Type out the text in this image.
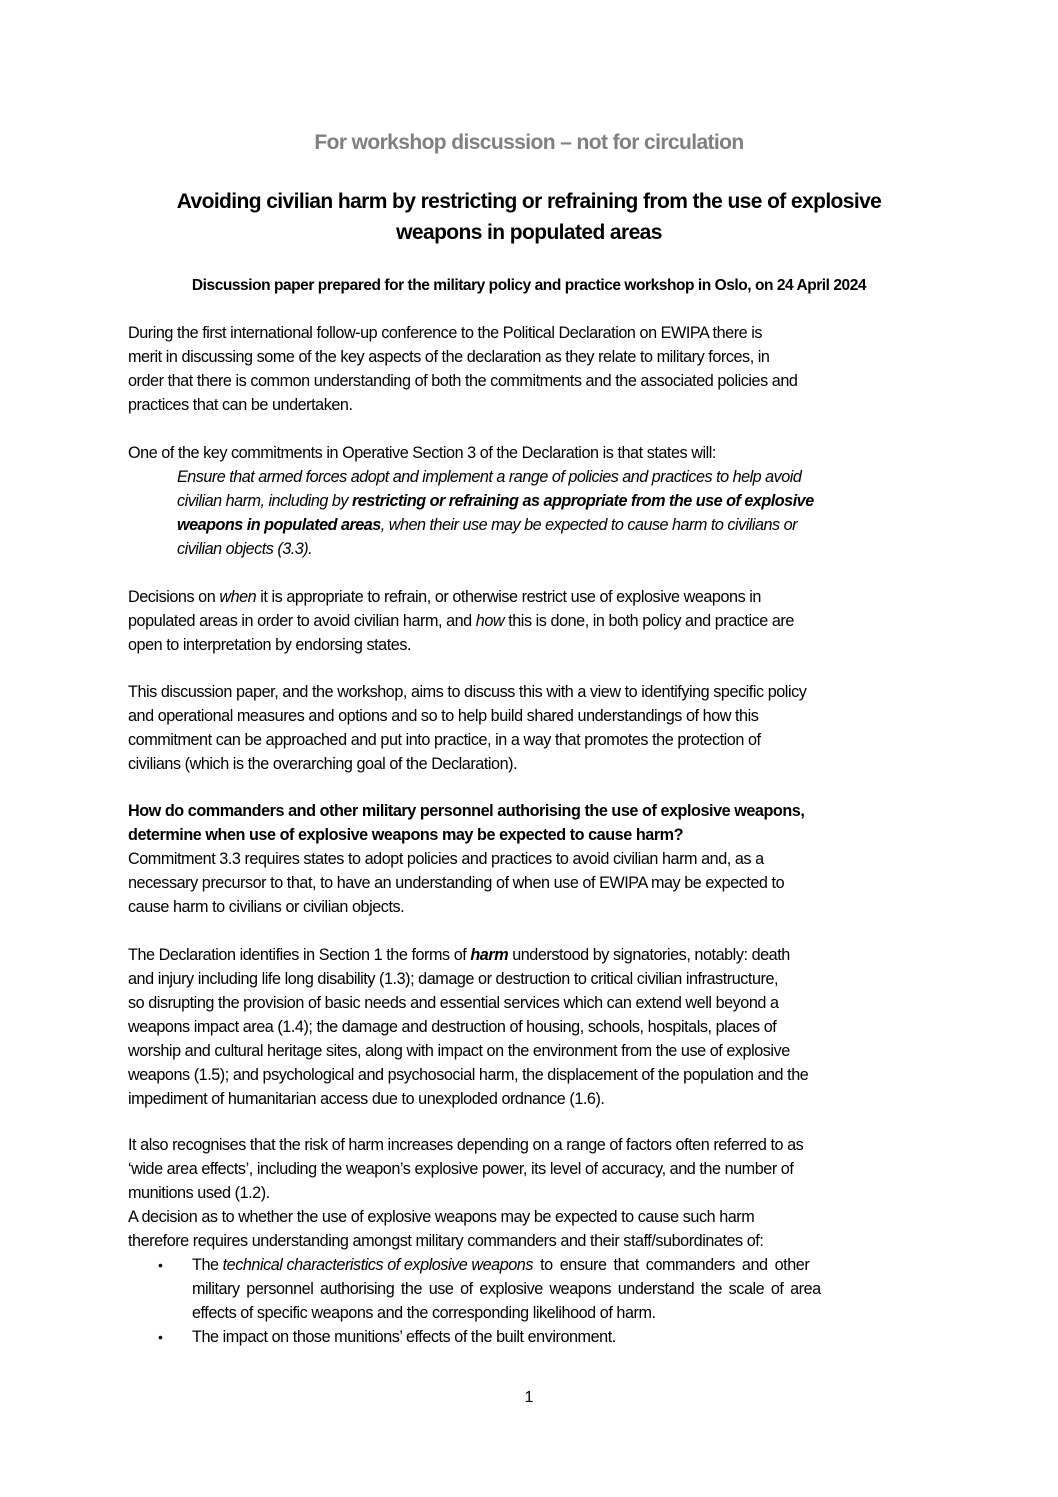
For workshop discussion – not for circulation
Avoiding civilian harm by restricting or refraining from the use of explosive
weapons in populated areas
Discussion paper prepared for the military policy and practice workshop in Oslo, on 24 April 2024
During the first international follow-up conference to the Political Declaration on EWIPA there is
merit in discussing some of the key aspects of the declaration as they relate to military forces, in
order that there is common understanding of both the commitments and the associated policies and
practices that can be undertaken.
One of the key commitments in Operative Section 3 of the Declaration is that states will:
Ensure that armed forces adopt and implement a range of policies and practices to help avoid
civilian harm, including by restricting or refraining as appropriate from the use of explosive
weapons in populated areas, when their use may be expected to cause harm to civilians or
civilian objects (3.3).
Decisions on when it is appropriate to refrain, or otherwise restrict use of explosive weapons in
populated areas in order to avoid civilian harm, and how this is done, in both policy and practice are
open to interpretation by endorsing states.
This discussion paper, and the workshop, aims to discuss this with a view to identifying specific policy
and operational measures and options and so to help build shared understandings of how this
commitment can be approached and put into practice, in a way that promotes the protection of
civilians (which is the overarching goal of the Declaration).
How do commanders and other military personnel authorising the use of explosive weapons,
determine when use of explosive weapons may be expected to cause harm?
Commitment 3.3 requires states to adopt policies and practices to avoid civilian harm and, as a
necessary precursor to that, to have an understanding of when use of EWIPA may be expected to
cause harm to civilians or civilian objects.
The Declaration identifies in Section 1 the forms of harm understood by signatories, notably: death
and injury including life long disability (1.3); damage or destruction to critical civilian infrastructure,
so disrupting the provision of basic needs and essential services which can extend well beyond a
weapons impact area (1.4); the damage and destruction of housing, schools, hospitals, places of
worship and cultural heritage sites, along with impact on the environment from the use of explosive
weapons (1.5); and psychological and psychosocial harm, the displacement of the population and the
impediment of humanitarian access due to unexploded ordnance (1.6).
It also recognises that the risk of harm increases depending on a range of factors often referred to as
‘wide area effects’, including the weapon’s explosive power, its level of accuracy, and the number of
munitions used (1.2).
A decision as to whether the use of explosive weapons may be expected to cause such harm
therefore requires understanding amongst military commanders and their staff/subordinates of:
• The technical characteristics of explosive weapons to ensure that commanders and other
military personnel authorising the use of explosive weapons understand the scale of area
effects of specific weapons and the corresponding likelihood of harm.
• The impact on those munitions’ effects of the built environment.
1
